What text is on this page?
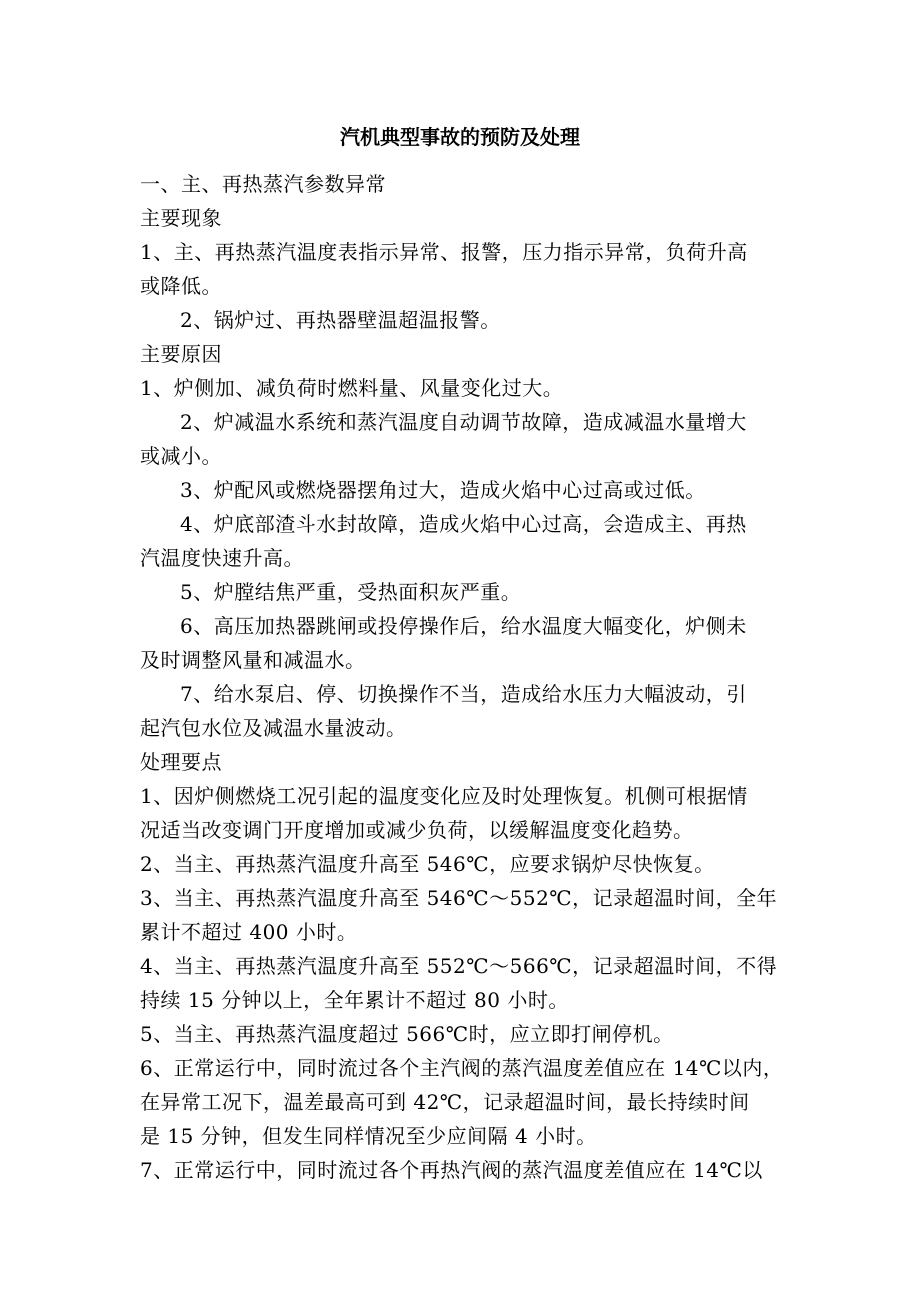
汽机典型事故的预防及处理
一、主、再热蒸汽参数异常
主要现象
1、主、再热蒸汽温度表指示异常、报警，压力指示异常，负荷升高
或降低。
2、锅炉过、再热器壁温超温报警。
主要原因
1、炉侧加、减负荷时燃料量、风量变化过大。
2、炉减温水系统和蒸汽温度自动调节故障，造成减温水量增大
或减小。
3、炉配风或燃烧器摆角过大，造成火焰中心过高或过低。
4、炉底部渣斗水封故障，造成火焰中心过高，会造成主、再热
汽温度快速升高。
5、炉膛结焦严重，受热面积灰严重。
6、高压加热器跳闸或投停操作后，给水温度大幅变化，炉侧未
及时调整风量和减温水。
7、给水泵启、停、切换操作不当，造成给水压力大幅波动，引
起汽包水位及减温水量波动。
处理要点
1、因炉侧燃烧工况引起的温度变化应及时处理恢复。机侧可根据情
况适当改变调门开度增加或减少负荷，以缓解温度变化趋势。
2、当主、再热蒸汽温度升高至 546℃，应要求锅炉尽快恢复。
3、当主、再热蒸汽温度升高至 546℃～552℃，记录超温时间，全年
累计不超过 400 小时。
4、当主、再热蒸汽温度升高至 552℃～566℃，记录超温时间，不得
持续 15 分钟以上，全年累计不超过 80 小时。
5、当主、再热蒸汽温度超过 566℃时，应立即打闸停机。
6、正常运行中，同时流过各个主汽阀的蒸汽温度差值应在 14℃以内，
在异常工况下，温差最高可到 42℃，记录超温时间，最长持续时间
是 15 分钟，但发生同样情况至少应间隔 4 小时。
7、正常运行中，同时流过各个再热汽阀的蒸汽温度差值应在 14℃以
